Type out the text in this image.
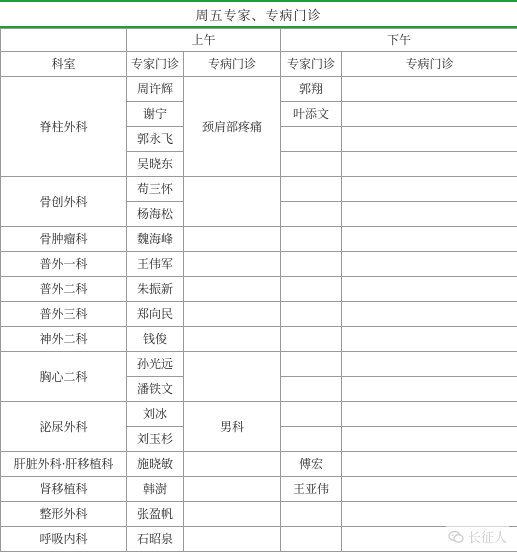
周五专家、专病门诊
	上午		下午	
科室	专家门诊	专病门诊	专家门诊	专病门诊
脊柱外科	周许辉	颈肩部疼痛	郭翔	
	谢宁		叶添文	
	郭永飞			
	吴晓东			
骨创外科	苟三怀			
	杨海松			
骨肿瘤科	魏海峰			
普外一科	王伟军			
普外二科	朱振新			
普外三科	郑向民			
神外二科	钱俊			
胸心二科	孙光远			
	潘铁文			
泌尿外科	刘冰	男科		
	刘玉杉			
肝脏外科·肝移植科	施晓敏		傅宏	
肾移植科	韩澍		王亚伟	
整形外科	张盈帆			
呼吸内科	石昭泉				长征人
